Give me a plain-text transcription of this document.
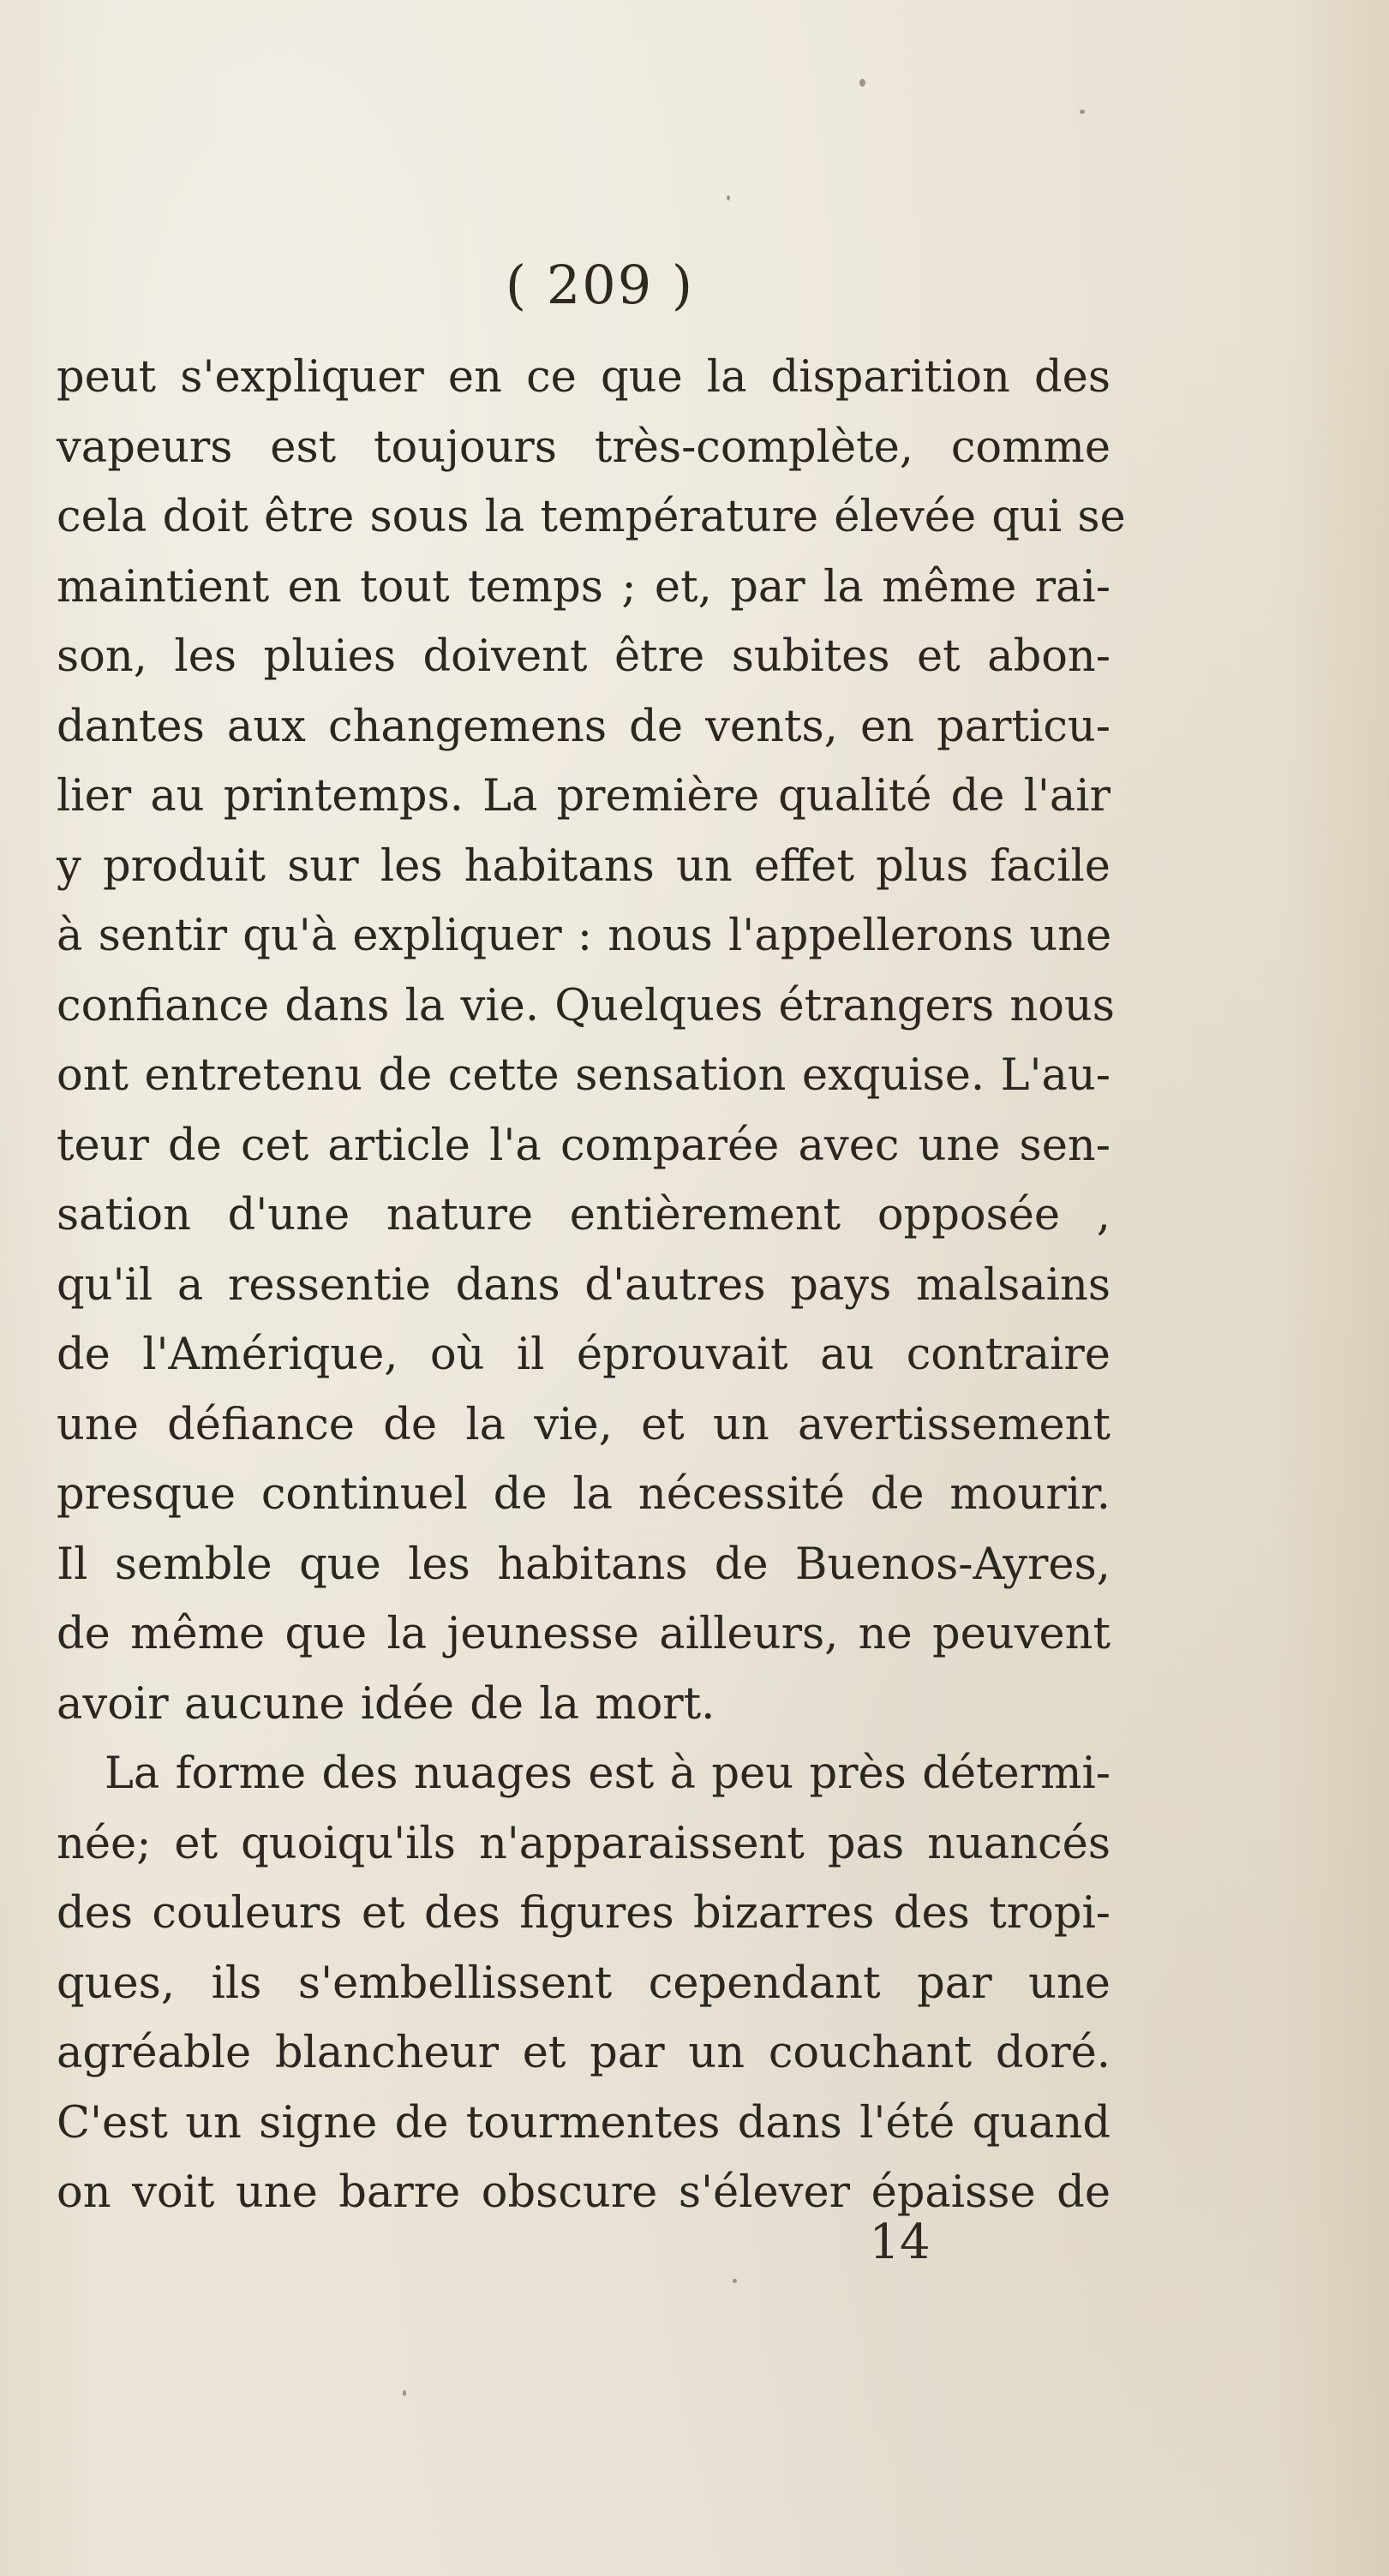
( 209 )
peut s'expliquer en ce que la disparition des
vapeurs est toujours très-complète, comme
cela doit être sous la température élevée qui se
maintient en tout temps ; et, par la même rai-
son, les pluies doivent être subites et abon-
dantes aux changemens de vents, en particu-
lier au printemps. La première qualité de l'air
y produit sur les habitans un effet plus facile
à sentir qu'à expliquer : nous l'appellerons une
confiance dans la vie. Quelques étrangers nous
ont entretenu de cette sensation exquise. L'au-
teur de cet article l'a comparée avec une sen-
sation d'une nature entièrement opposée ,
qu'il a ressentie dans d'autres pays malsains
de l'Amérique, où il éprouvait au contraire
une défiance de la vie, et un avertissement
presque continuel de la nécessité de mourir.
Il semble que les habitans de Buenos-Ayres,
de même que la jeunesse ailleurs, ne peuvent
avoir aucune idée de la mort.
La forme des nuages est à peu près détermi-
née; et quoiqu'ils n'apparaissent pas nuancés
des couleurs et des figures bizarres des tropi-
ques, ils s'embellissent cependant par une
agréable blancheur et par un couchant doré.
C'est un signe de tourmentes dans l'été quand
on voit une barre obscure s'élever épaisse de
14
